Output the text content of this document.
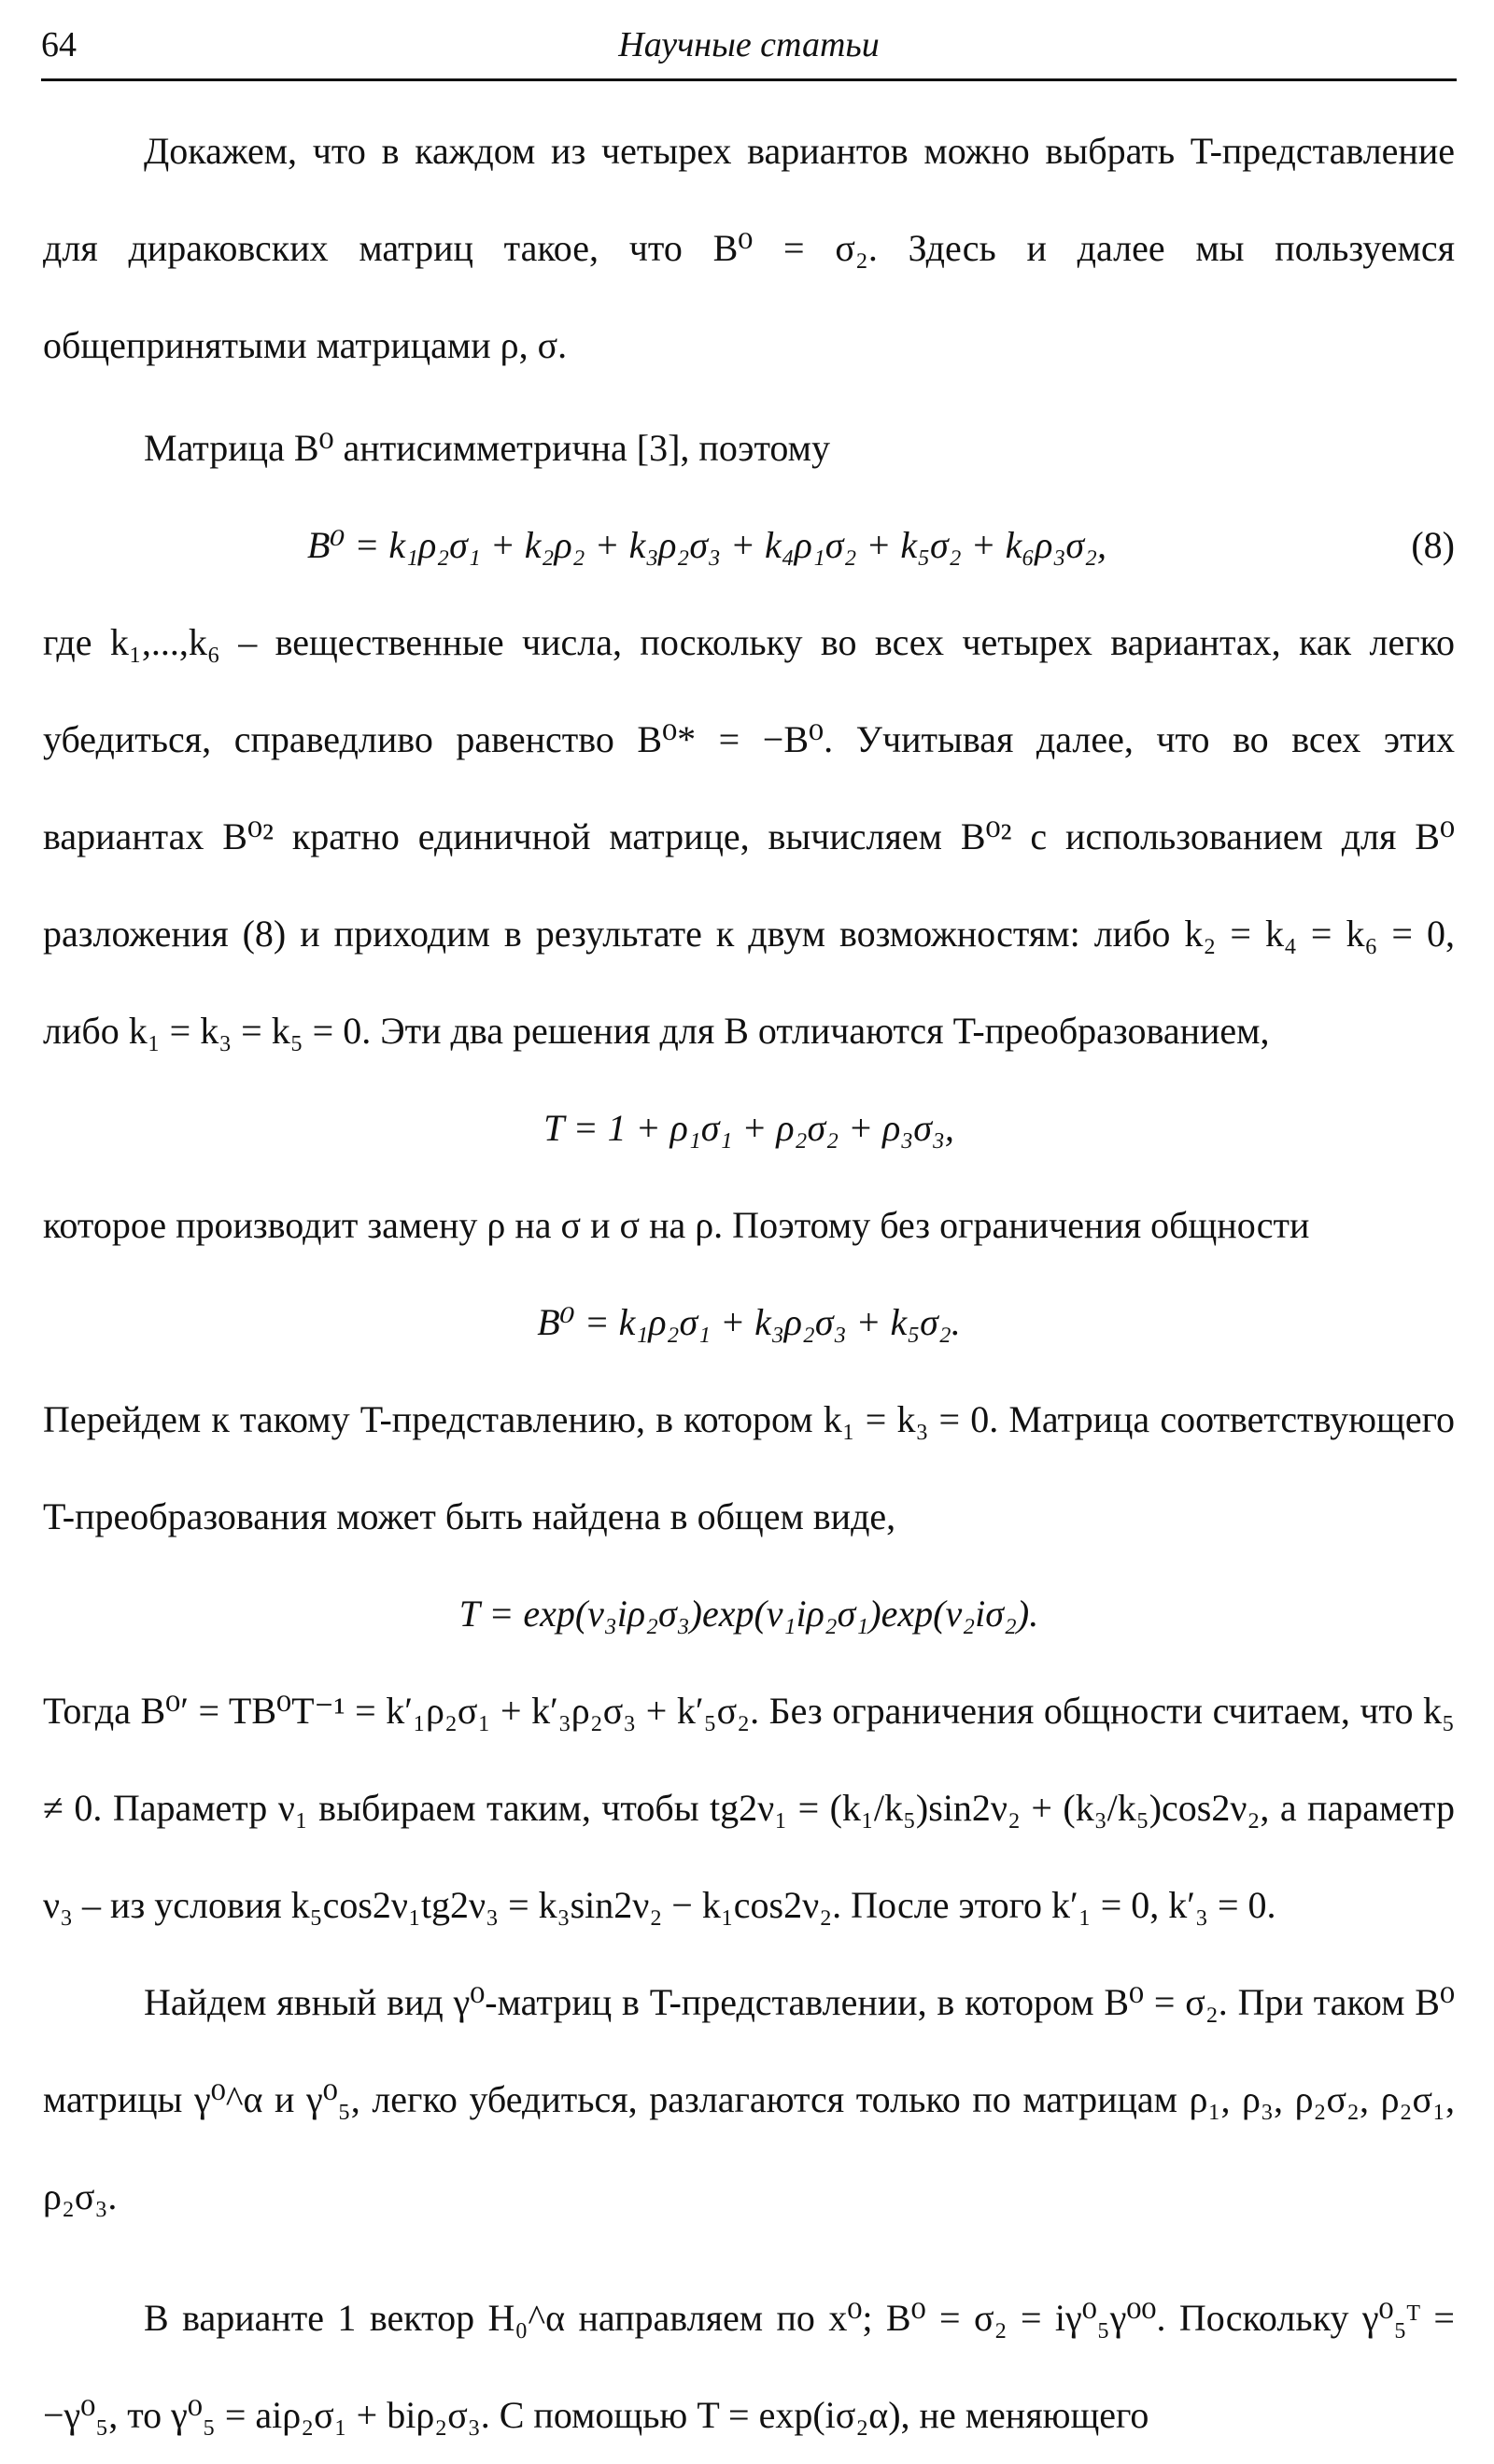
64	Научные статьи

Докажем, что в каждом из четырех вариантов можно выбрать T-представление для дираковских матриц такое, что B⁰ = σ₂. Здесь и далее мы пользуемся общепринятыми матрицами ρ, σ.

Матрица B⁰ антисимметрична [3], поэтому

B⁰ = k₁ρ₂σ₁ + k₂ρ₂ + k₃ρ₂σ₃ + k₄ρ₁σ₂ + k₅σ₂ + k₆ρ₃σ₂,	(8)

где k₁,...,k₆ – вещественные числа, поскольку во всех четырех вариантах, как легко убедиться, справедливо равенство B⁰* = −B⁰. Учитывая далее, что во всех этих вариантах B⁰² кратно единичной матрице, вычисляем B⁰² с использованием для B⁰ разложения (8) и приходим в результате к двум возможностям: либо k₂ = k₄ = k₆ = 0, либо k₁ = k₃ = k₅ = 0. Эти два решения для B отличаются T-преобразованием,

T = 1 + ρ₁σ₁ + ρ₂σ₂ + ρ₃σ₃,

которое производит замену ρ на σ и σ на ρ. Поэтому без ограничения общности

B⁰ = k₁ρ₂σ₁ + k₃ρ₂σ₃ + k₅σ₂.

Перейдем к такому T-представлению, в котором k₁ = k₃ = 0. Матрица соответствующего T-преобразования может быть найдена в общем виде,

T = exp(ν₃iρ₂σ₃)exp(ν₁iρ₂σ₁)exp(ν₂iσ₂).

Тогда B⁰′ = TB⁰T⁻¹ = k′₁ρ₂σ₁ + k′₃ρ₂σ₃ + k′₅σ₂. Без ограничения общности считаем, что k₅ ≠ 0. Параметр ν₁ выбираем таким, чтобы tg2ν₁ = (k₁/k₅)sin2ν₂ + (k₃/k₅)cos2ν₂, а параметр ν₃ – из условия k₅cos2ν₁tg2ν₃ = k₃sin2ν₂ − k₁cos2ν₂. После этого k′₁ = 0, k′₃ = 0.

Найдем явный вид γ⁰-матриц в T-представлении, в котором B⁰ = σ₂. При таком B⁰ матрицы γ⁰^α и γ⁰₅, легко убедиться, разлагаются только по матрицам ρ₁, ρ₃, ρ₂σ₂, ρ₂σ₁, ρ₂σ₃.

В варианте 1 вектор H₀^α направляем по x⁰; B⁰ = σ₂ = iγ⁰₅γ⁰⁰. Поскольку γ⁰₅ᵀ = −γ⁰₅, то γ⁰₅ = aiρ₂σ₁ + biρ₂σ₃. С помощью T = exp(iσ₂α), не меняющего
